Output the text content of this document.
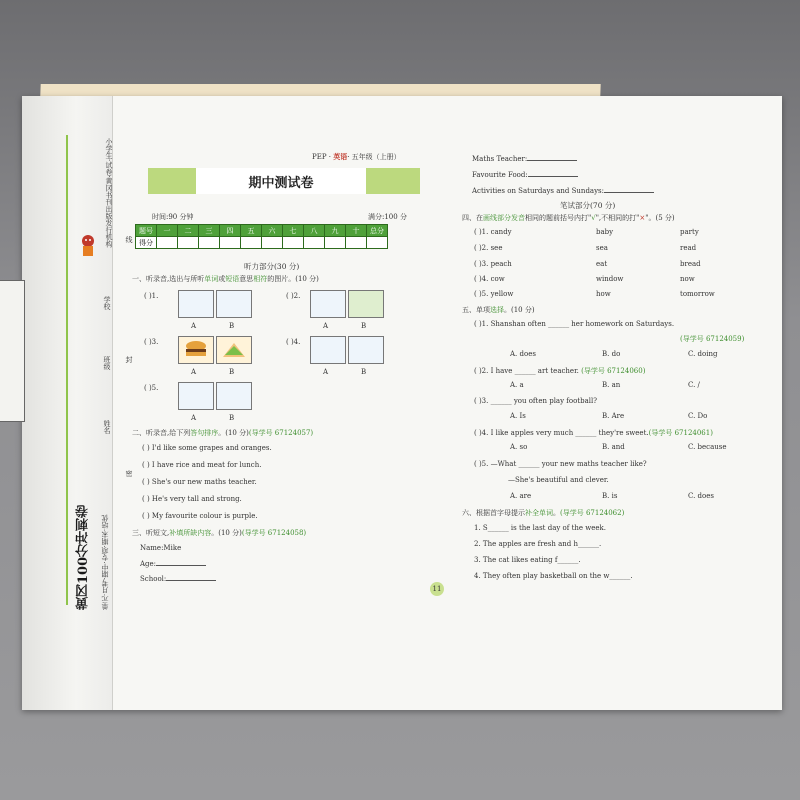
小学生·试卷·黄冈书刊出版发行机构
学校
班级
姓名
线
封
密
黄冈100分冲刺卷	单元·月考·期中·专项·期末·培优
PEP · 英语· 五年级（上册）
期中测试卷
时间:90 分钟	满分:100 分
题号	一	二	三	四	五	六	七	八	九	十	总分
得分											
听力部分(30 分)
一、听录音,选出与所听单词或短语意思相符的图片。(10 分)
( )1.
A	B
( )2.
A	B
( )3.
A	B
( )4.
A	B
( )5.
A	B
二、听录音,给下列答句排序。(10 分)(导学号 67124057)
( ) I'd like some grapes and oranges.
( ) I have rice and meat for lunch.
( ) She's our new maths teacher.
( ) He's very tall and strong.
( ) My favourite colour is purple.
三、听短文,补填所缺内容。(10 分)(导学号 67124058)
Name:Mike
Age:
School:
Maths Teacher:
Favourite Food:
Activities on Saturdays and Sundays:
笔试部分(70 分)
四、在画线部分发音相同的题前括号内打"√",不相同的打"×"。(5 分)
( )1. candy	baby	party
( )2. see	sea	read
( )3. peach	eat	bread
( )4. cow	window	now
( )5. yellow	how	tomorrow
五、单项选择。(10 分)
( )1. Shanshan often ______ her homework on Saturdays.
(导学号 67124059)
A. does	B. do	C. doing
( )2. I have ______ art teacher. (导学号 67124060)
A. a	B. an	C. /
( )3. ______ you often play football?
A. Is	B. Are	C. Do
( )4. I like apples very much ______ they're sweet.(导学号 67124061)
A. so	B. and	C. because
( )5. —What ______ your new maths teacher like?
—She's beautiful and clever.
A. are	B. is	C. does
六、根据首字母提示补全单词。(导学号 67124062)
1. S______ is the last day of the week.
2. The apples are fresh and h______.
3. The cat likes eating f______.
4. They often play basketball on the w______.
11
